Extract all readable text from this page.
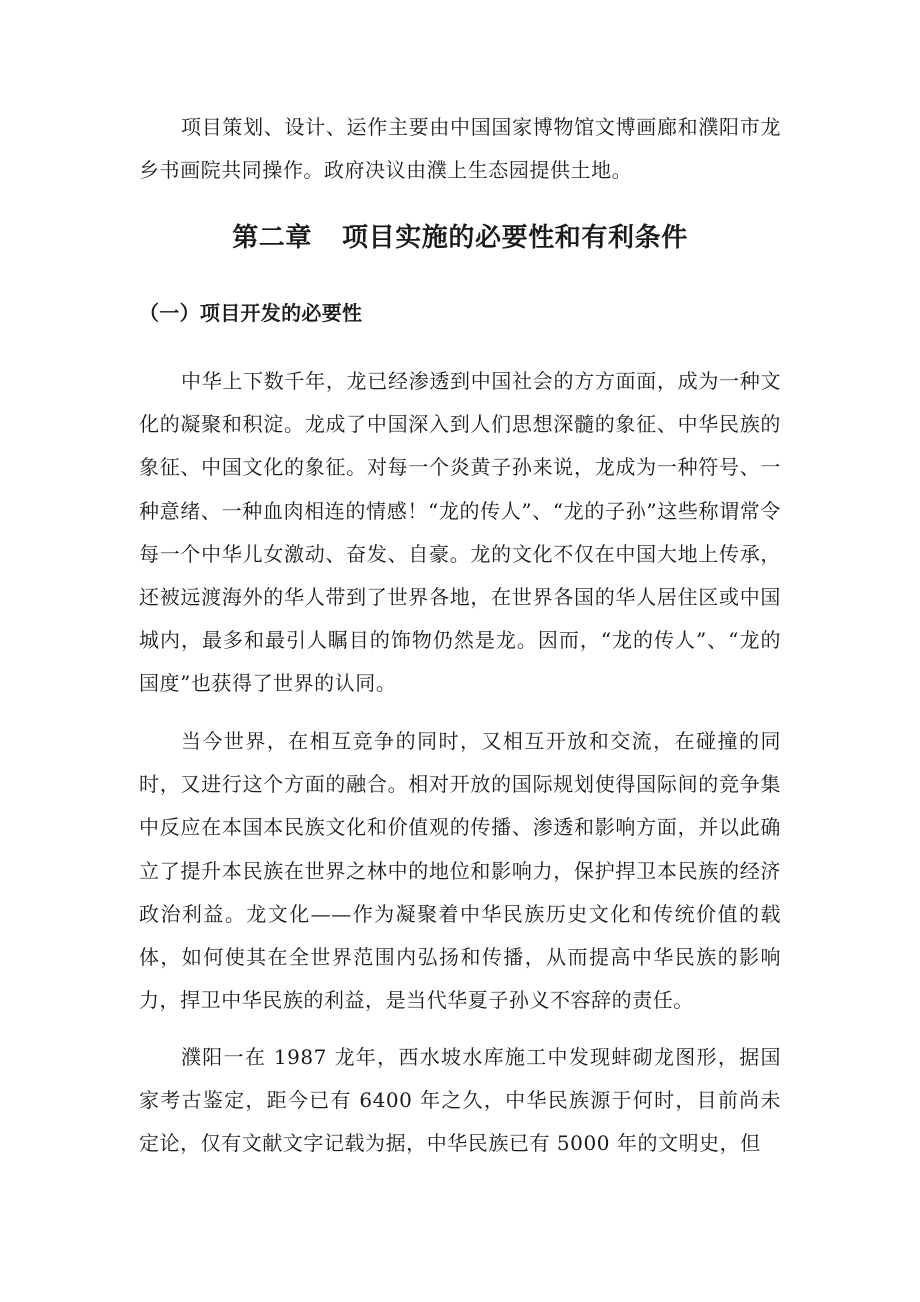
项目策划、设计、运作主要由中国国家博物馆文博画廊和濮阳市龙乡书画院共同操作。政府决议由濮上生态园提供土地。

第二章 项目实施的必要性和有利条件
（一）项目开发的必要性

中华上下数千年，龙已经渗透到中国社会的方方面面，成为一种文化的凝聚和积淀。龙成了中国深入到人们思想深髓的象征、中华民族的象征、中国文化的象征。对每一个炎黄子孙来说，龙成为一种符号、一种意绪、一种血肉相连的情感！“龙的传人”、“龙的子孙”这些称谓常令每一个中华儿女激动、奋发、自豪。龙的文化不仅在中国大地上传承，还被远渡海外的华人带到了世界各地，在世界各国的华人居住区或中国城内，最多和最引人瞩目的饰物仍然是龙。因而，“龙的传人”、“龙的国度”也获得了世界的认同。

当今世界，在相互竞争的同时，又相互开放和交流，在碰撞的同时，又进行这个方面的融合。相对开放的国际规划使得国际间的竞争集中反应在本国本民族文化和价值观的传播、渗透和影响方面，并以此确立了提升本民族在世界之林中的地位和影响力，保护捍卫本民族的经济政治利益。龙文化——作为凝聚着中华民族历史文化和传统价值的载体，如何使其在全世界范围内弘扬和传播，从而提高中华民族的影响力，捍卫中华民族的利益，是当代华夏子孙义不容辞的责任。

濮阳一在 1987 龙年，西水坡水库施工中发现蚌砌龙图形，据国家考古鉴定，距今已有 6400 年之久，中华民族源于何时，目前尚未定论，仅有文献文字记载为据，中华民族已有 5000 年的文明史，但
